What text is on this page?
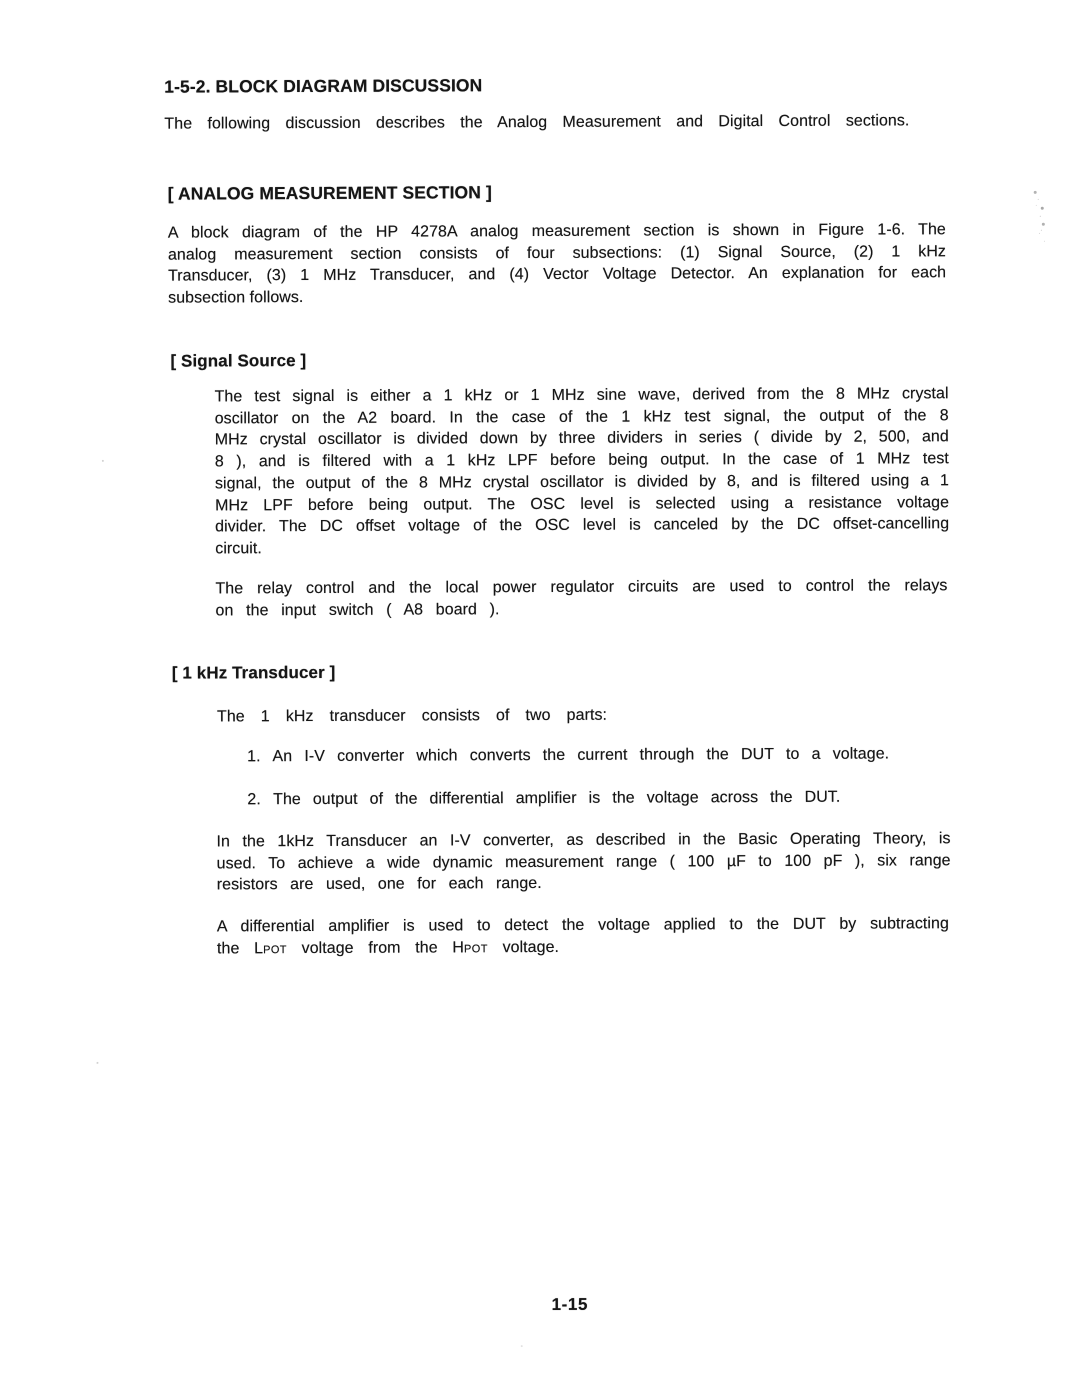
1-5-2. BLOCK DIAGRAM DISCUSSION
The following discussion describes the Analog Measurement and Digital Control sections.
[ ANALOG MEASUREMENT SECTION ]
A block diagram of the HP 4278A analog measurement section is shown in Figure 1-6. The
analog measurement section consists of four subsections: (1) Signal Source, (2) 1 kHz
Transducer, (3) 1 MHz Transducer, and (4) Vector Voltage Detector. An explanation for each
subsection follows.
[ Signal Source ]
The test signal is either a 1 kHz or 1 MHz sine wave, derived from the 8 MHz crystal
oscillator on the A2 board. In the case of the 1 kHz test signal, the output of the 8
MHz crystal oscillator is divided down by three dividers in series ( divide by 2, 500, and
8 ), and is filtered with a 1 kHz LPF before being output. In the case of 1 MHz test
signal, the output of the 8 MHz crystal oscillator is divided by 8, and is filtered using a 1
MHz LPF before being output. The OSC level is selected using a resistance voltage
divider. The DC offset voltage of the OSC level is canceled by the DC offset-cancelling
circuit.
The relay control and the local power regulator circuits are used to control the relays
on the input switch ( A8 board ).
[ 1 kHz Transducer ]
The 1 kHz transducer consists of two parts:
1. An I-V converter which converts the current through the DUT to a voltage.
2. The output of the differential amplifier is the voltage across the DUT.
In the 1kHz Transducer an I-V converter, as described in the Basic Operating Theory, is
used. To achieve a wide dynamic measurement range ( 100 µF to 100 pF ), six range
resistors are used, one for each range.
A differential amplifier is used to detect the voltage applied to the DUT by subtracting
the LPOT voltage from the HPOT voltage.
1-15
